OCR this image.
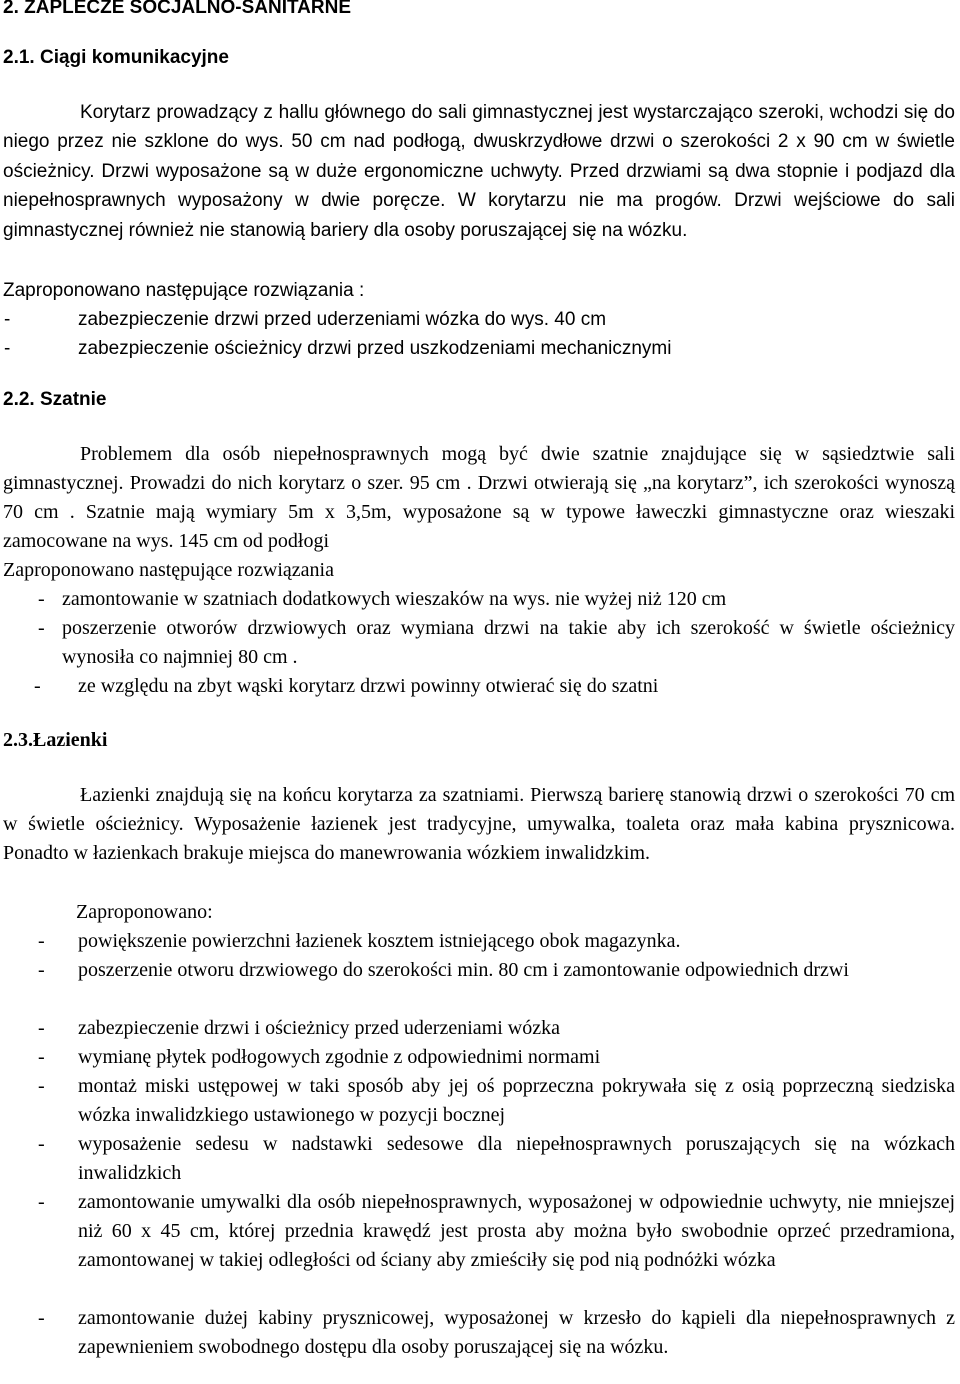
2. ZAPLECZE SOCJALNO-SANITARNE
2.1. Ciągi komunikacyjne
Korytarz prowadzący z hallu głównego do sali gimnastycznej jest wystarczająco szeroki, wchodzi się do niego przez nie szklone do wys. 50 cm nad podłogą, dwuskrzydłowe drzwi o szerokości 2 x 90 cm w świetle ościeżnicy. Drzwi wyposażone są w duże ergonomiczne uchwyty. Przed drzwiami są dwa stopnie i podjazd dla niepełnosprawnych wyposażony w dwie poręcze. W korytarzu nie ma progów. Drzwi wejściowe do sali gimnastycznej również nie stanowią bariery dla osoby poruszającej się na wózku.
Zaproponowano następujące rozwiązania :
-	zabezpieczenie drzwi przed uderzeniami wózka do wys. 40 cm
-	zabezpieczenie ościeżnicy drzwi przed uszkodzeniami mechanicznymi
2.2. Szatnie
Problemem dla osób niepełnosprawnych mogą być dwie szatnie znajdujące się w sąsiedztwie sali gimnastycznej. Prowadzi do nich korytarz o szer. 95 cm . Drzwi otwierają się „na korytarz”, ich szerokości wynoszą 70 cm . Szatnie mają wymiary 5m x 3,5m, wyposażone są w typowe ławeczki gimnastyczne oraz wieszaki zamocowane na wys. 145 cm od podłogi
Zaproponowano następujące rozwiązania
- zamontowanie w szatniach dodatkowych wieszaków na wys. nie wyżej niż 120 cm
- poszerzenie otworów drzwiowych oraz wymiana drzwi na takie aby ich szerokość w świetle ościeżnicy wynosiła co najmniej 80 cm .
- ze względu na zbyt wąski korytarz drzwi powinny otwierać się do szatni
2.3.Łazienki
Łazienki znajdują się na końcu korytarza za szatniami. Pierwszą barierę stanowią drzwi o szerokości 70 cm w świetle ościeżnicy. Wyposażenie łazienek jest tradycyjne, umywalka, toaleta oraz mała kabina prysznicowa. Ponadto w łazienkach brakuje miejsca do manewrowania wózkiem inwalidzkim.
Zaproponowano:
- powiększenie powierzchni łazienek kosztem istniejącego obok magazynka.
- poszerzenie otworu drzwiowego do szerokości min. 80 cm i zamontowanie odpowiednich drzwi
- zabezpieczenie drzwi i ościeżnicy przed uderzeniami wózka
- wymianę płytek podłogowych zgodnie z odpowiednimi normami
- montaż miski ustępowej w taki sposób aby jej oś poprzeczna pokrywała się z osią poprzeczną siedziska wózka inwalidzkiego ustawionego w pozycji bocznej
- wyposażenie sedesu w nadstawki sedesowe dla niepełnosprawnych poruszających się na wózkach inwalidzkich
- zamontowanie umywalki dla osób niepełnosprawnych, wyposażonej w odpowiednie uchwyty, nie mniejszej niż 60 x 45 cm, której przednia krawędź jest prosta aby można było swobodnie oprzeć przedramiona, zamontowanej w takiej odległości od ściany aby zmieściły się pod nią podnóżki wózka
- zamontowanie dużej kabiny prysznicowej, wyposażonej w krzesło do kąpieli dla niepełnosprawnych z zapewnieniem swobodnego dostępu dla osoby poruszającej się na wózku.
